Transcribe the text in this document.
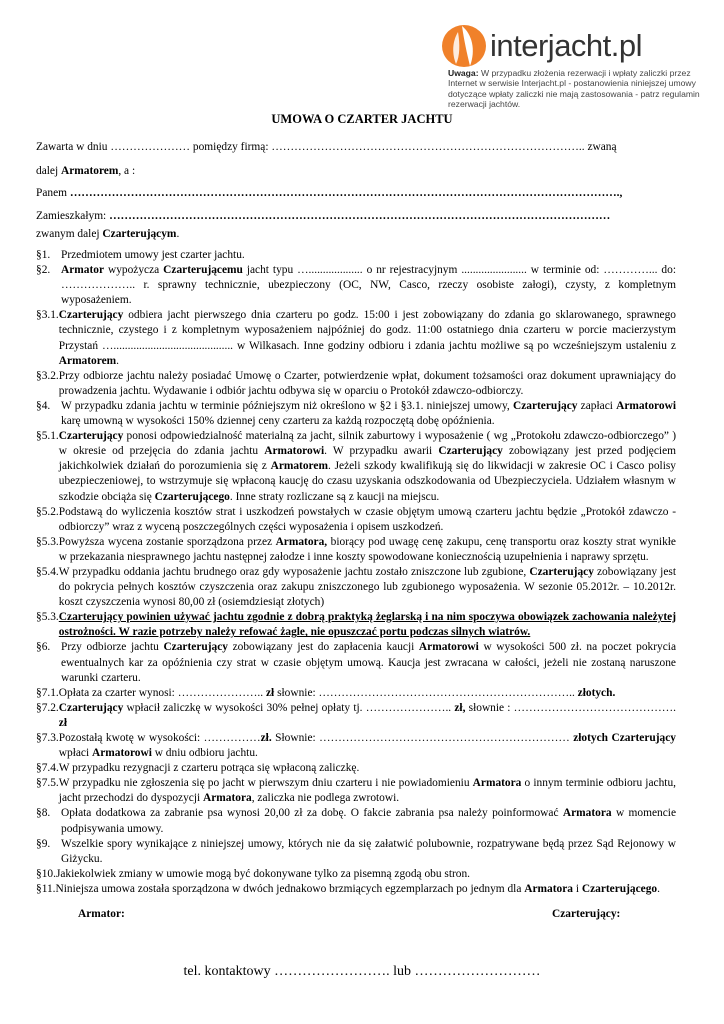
interjacht.pl
Uwaga: W przypadku złożenia rezerwacji i wpłaty zaliczki przez Internet w serwisie Interjacht.pl - postanowienia niniejszej umowy dotyczące wpłaty zaliczki nie mają zastosowania - patrz regulamin rezerwacji jachtów.
UMOWA O CZARTER JACHTU
Zawarta w dniu ………………… pomiędzy firmą: ……………………………………………………………………….. zwaną
dalej Armatorem, a :
Panem ……………………………………………………………………………………………………………………………….,
Zamieszkałym: ……………………………………………………………………………………………………………………
zwanym dalej Czarterującym.
§1. Przedmiotem umowy jest czarter jachtu.
§2. Armator wypożycza Czarterującemu jacht typu …................... o nr rejestracyjnym ....................... w terminie od: …………... do: ……………….. r. sprawny technicznie, ubezpieczony (OC, NW, Casco, rzeczy osobiste załogi), czysty, z kompletnym wyposażeniem.
§3.1. Czarterujący odbiera jacht pierwszego dnia czarteru po godz. 15:00 i jest zobowiązany do zdania go sklarowanego, sprawnego technicznie, czystego i z kompletnym wyposażeniem najpóźniej do godz. 11:00 ostatniego dnia czarteru w porcie macierzystym Przystań ….......................................... w Wilkasach. Inne godziny odbioru i zdania jachtu możliwe są po wcześniejszym ustaleniu z Armatorem.
§3.2. Przy odbiorze jachtu należy posiadać Umowę o Czarter, potwierdzenie wpłat, dokument tożsamości oraz dokument uprawniający do prowadzenia jachtu. Wydawanie i odbiór jachtu odbywa się w oparciu o Protokół zdawczo-odbiorczy.
§4. W przypadku zdania jachtu w terminie późniejszym niż określono w §2 i §3.1. niniejszej umowy, Czarterujący zapłaci Armatorowi karę umowną w wysokości 150% dziennej ceny czarteru za każdą rozpoczętą dobę opóźnienia.
§5.1. Czarterujący ponosi odpowiedzialność materialną za jacht, silnik zaburtowy i wyposażenie ( wg „Protokołu zdawczo-odbiorczego” ) w okresie od przejęcia do zdania jachtu Armatorowi. W przypadku awarii Czarterujący zobowiązany jest przed podjęciem jakichkolwiek działań do porozumienia się z Armatorem. Jeżeli szkody kwalifikują się do likwidacji w zakresie OC i Casco polisy ubezpieczeniowej, to wstrzymuje się wpłaconą kaucję do czasu uzyskania odszkodowania od Ubezpieczyciela. Udziałem własnym w szkodzie obciąża się Czarterującego. Inne straty rozliczane są z kaucji na miejscu.
§5.2. Podstawą do wyliczenia kosztów strat i uszkodzeń powstałych w czasie objętym umową czarteru jachtu będzie „Protokół zdawczo - odbiorczy” wraz z wyceną poszczególnych części wyposażenia i opisem uszkodzeń.
§5.3. Powyższa wycena zostanie sporządzona przez Armatora, biorący pod uwagę cenę zakupu, cenę transportu oraz koszty strat wynikłe w przekazania niesprawnego jachtu następnej załodze i inne koszty spowodowane koniecznością uzupełnienia i naprawy sprzętu.
§5.4. W przypadku oddania jachtu brudnego oraz gdy wyposażenie jachtu zostało zniszczone lub zgubione, Czarterujący zobowiązany jest do pokrycia pełnych kosztów czyszczenia oraz zakupu zniszczonego lub zgubionego wyposażenia. W sezonie 05.2012r. – 10.2012r. koszt czyszczenia wynosi 80,00 zł (osiemdziesiąt złotych)
§5.3. Czarterujący powinien używać jachtu zgodnie z dobrą praktyką żeglarską i na nim spoczywa obowiązek zachowania należytej ostrożności. W razie potrzeby należy refować żagle, nie opuszczać portu podczas silnych wiatrów.
§6. Przy odbiorze jachtu Czarterujący zobowiązany jest do zapłacenia kaucji Armatorowi w wysokości 500 zł. na poczet pokrycia ewentualnych kar za opóźnienia czy strat w czasie objętym umową. Kaucja jest zwracana w całości, jeżeli nie zostaną naruszone warunki czarteru.
§7.1. Opłata za czarter wynosi: ………………….. zł słownie: ………………………………………………………….. złotych.
§7.2. Czarterujący wpłacił zaliczkę w wysokości 30% pełnej opłaty tj. ………………….. zł, słownie : ……………………………………. zł
§7.3. Pozostałą kwotę w wysokości: ……………zł. Słownie: ………………………………………………………… złotych Czarterujący wpłaci Armatorowi w dniu odbioru jachtu.
§7.4 .W przypadku rezygnacji z czarteru potrąca się wpłaconą zaliczkę.
§7.5. W przypadku nie zgłoszenia się po jacht w pierwszym dniu czarteru i nie powiadomieniu Armatora o innym terminie odbioru jachtu, jacht przechodzi do dyspozycji Armatora, zaliczka nie podlega zwrotowi.
§8. Opłata dodatkowa za zabranie psa wynosi 20,00 zł za dobę. O fakcie zabrania psa należy poinformować Armatora w momencie podpisywania umowy.
§9. Wszelkie spory wynikające z niniejszej umowy, których nie da się załatwić polubownie, rozpatrywane będą przez Sąd Rejonowy w Giżycku.
§10. Jakiekolwiek zmiany w umowie mogą być dokonywane tylko za pisemną zgodą obu stron.
§11. Niniejsza umowa została sporządzona w dwóch jednakowo brzmiących egzemplarzach po jednym dla Armatora i Czarterującego.
Armator:	Czarterujący:
tel. kontaktowy ……………………. lub ………………………
